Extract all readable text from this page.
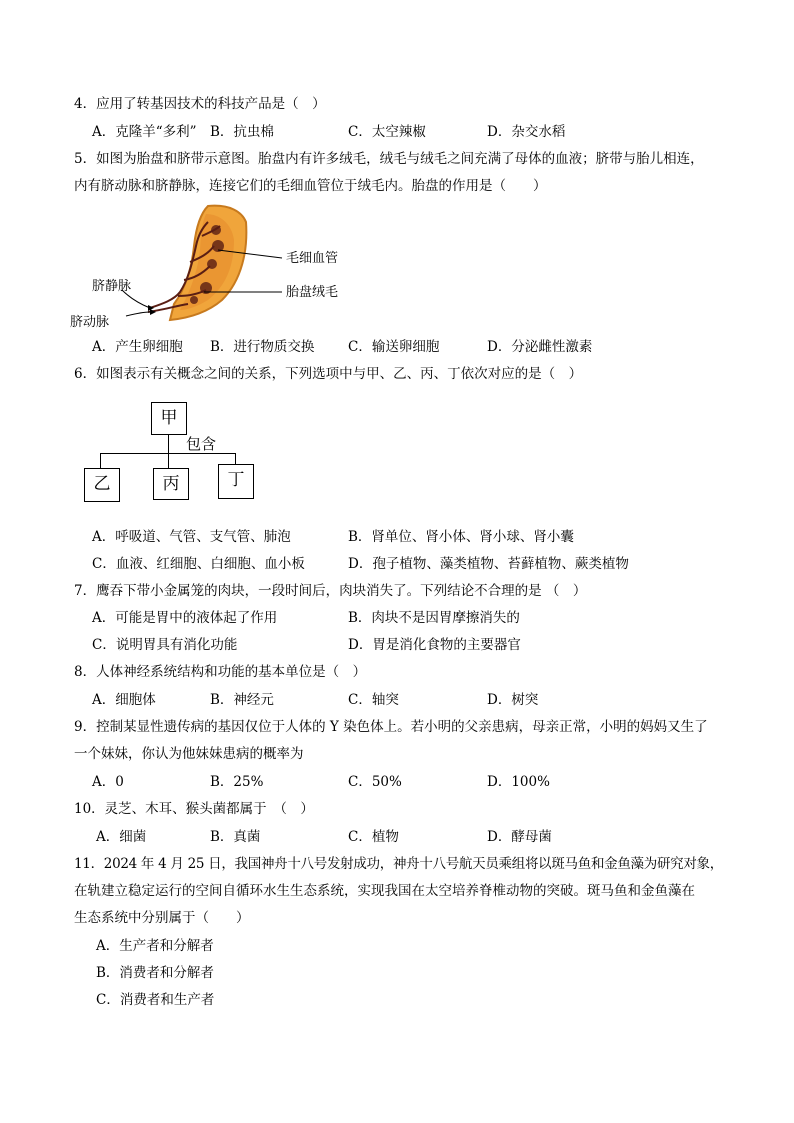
4．应用了转基因技术的科技产品是（　）
A．克隆羊“多利” B．抗虫棉	C．太空辣椒	D．杂交水稻
5．如图为胎盘和脐带示意图。胎盘内有许多绒毛，绒毛与绒毛之间充满了母体的血液；脐带与胎儿相连，
内有脐动脉和脐静脉，连接它们的毛细血管位于绒毛内。胎盘的作用是（　　）
毛细血管
胎盘绒毛
脐静脉
脐动脉
A．产生卵细胞 B．进行物质交换 C．输送卵细胞	D．分泌雌性激素
6．如图表示有关概念之间的关系，下列选项中与甲、乙、丙、丁依次对应的是（　）
甲
包含
乙	丙	丁
A．呼吸道、气管、支气管、肺泡	B．肾单位、肾小体、肾小球、肾小囊
C．血液、红细胞、白细胞、血小板	D．孢子植物、藻类植物、苔藓植物、蕨类植物
7．鹰吞下带小金属笼的肉块，一段时间后，肉块消失了。下列结论不合理的是 （　）
A．可能是胃中的液体起了作用	B．肉块不是因胃摩擦消失的
C．说明胃具有消化功能	D．胃是消化食物的主要器官
8．人体神经系统结构和功能的基本单位是（　）
A．细胞体	B．神经元	C．轴突	D．树突
9．控制某显性遗传病的基因仅位于人体的 Y 染色体上。若小明的父亲患病，母亲正常，小明的妈妈又生了
一个妹妹，你认为他妹妹患病的概率为
A．0	B．25%	C．50%	D．100%
10．灵芝、木耳、猴头菌都属于　（　）
A．细菌	B．真菌	C．植物	D．酵母菌
11．2024 年 4 月 25 日，我国神舟十八号发射成功，神舟十八号航天员乘组将以斑马鱼和金鱼藻为研究对象，
在轨建立稳定运行的空间自循环水生生态系统，实现我国在太空培养脊椎动物的突破。斑马鱼和金鱼藻在
生态系统中分别属于（　　）
A．生产者和分解者
B．消费者和分解者
C．消费者和生产者
